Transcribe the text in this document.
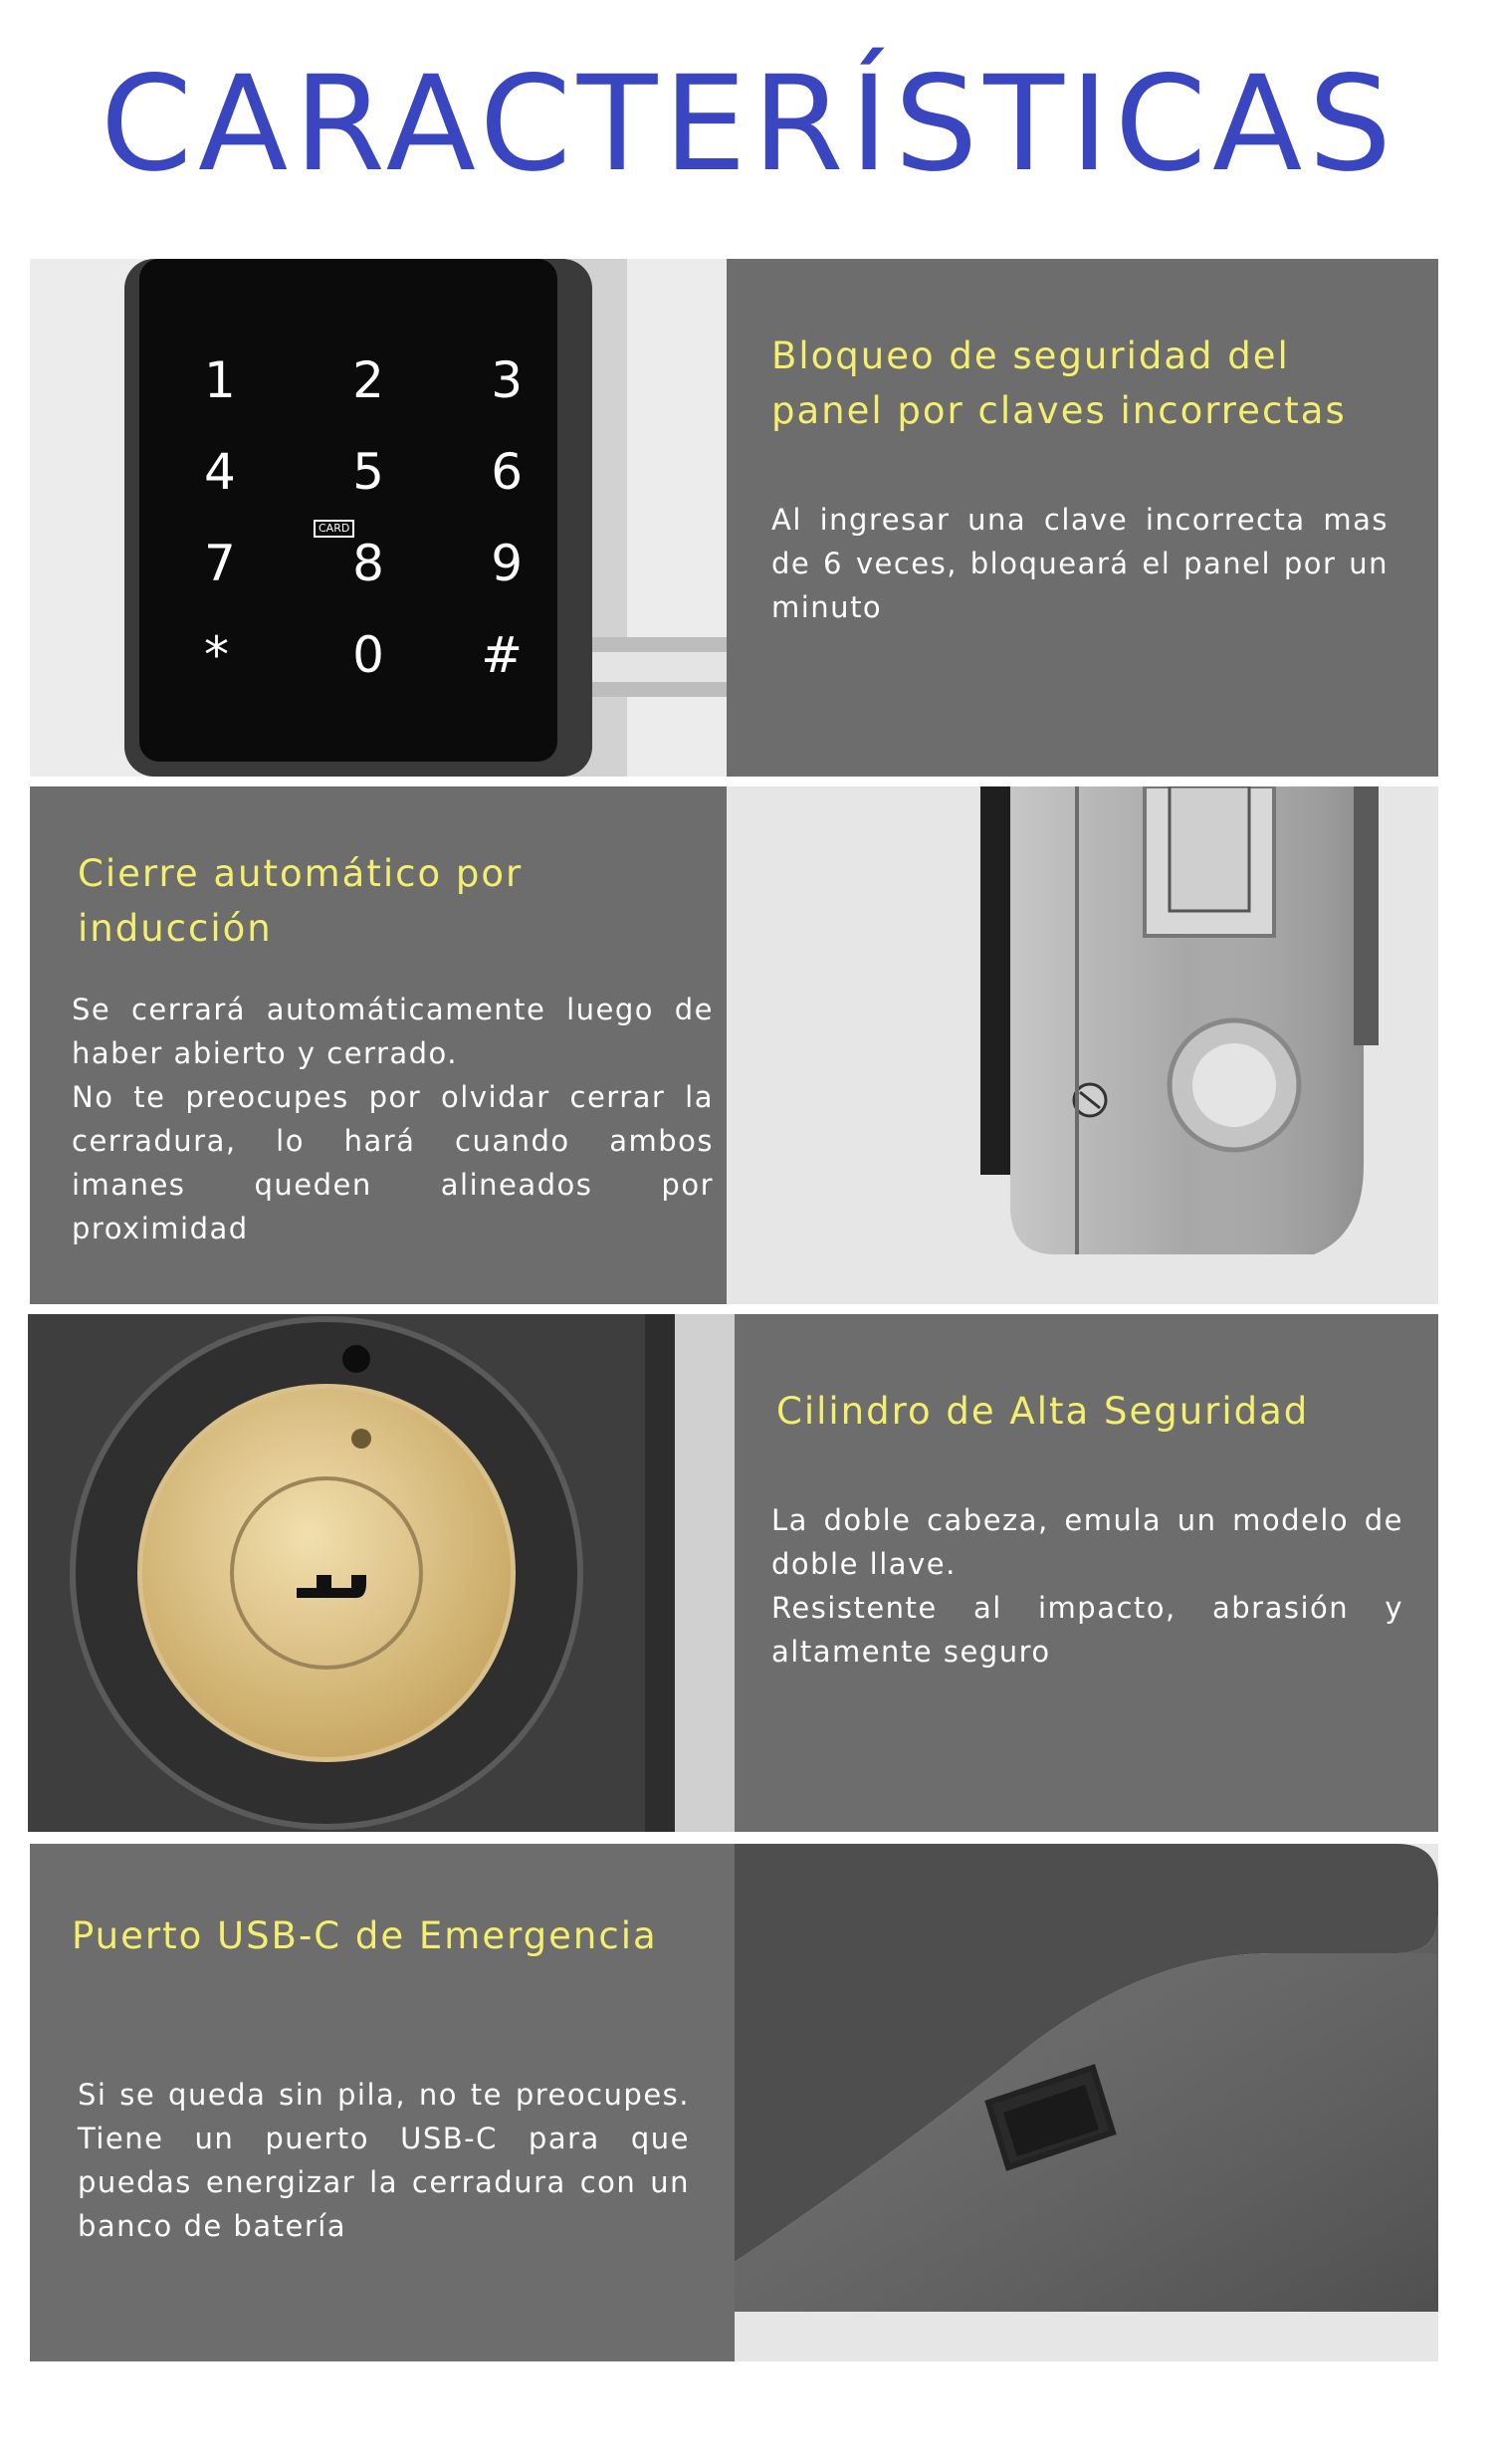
CARACTERÍSTICAS
1	2	3
4	5	6
7	8	9
*	0	#
CARD
Bloqueo de seguridad del panel por claves incorrectas
Al ingresar una clave incorrecta mas de 6 veces, bloqueará el panel por un minuto
Cierre automático por inducción
Se cerrará automáticamente luego de haber abierto y cerrado.
No te preocupes por olvidar cerrar la cerradura, lo hará cuando ambos imanes queden alineados por proximidad
Cilindro de Alta Seguridad
La doble cabeza, emula un modelo de doble llave.
Resistente al impacto, abrasión y altamente seguro
Puerto USB-C de Emergencia
Si se queda sin pila, no te preocupes. Tiene un puerto USB-C para que puedas energizar la cerradura con un banco de batería
